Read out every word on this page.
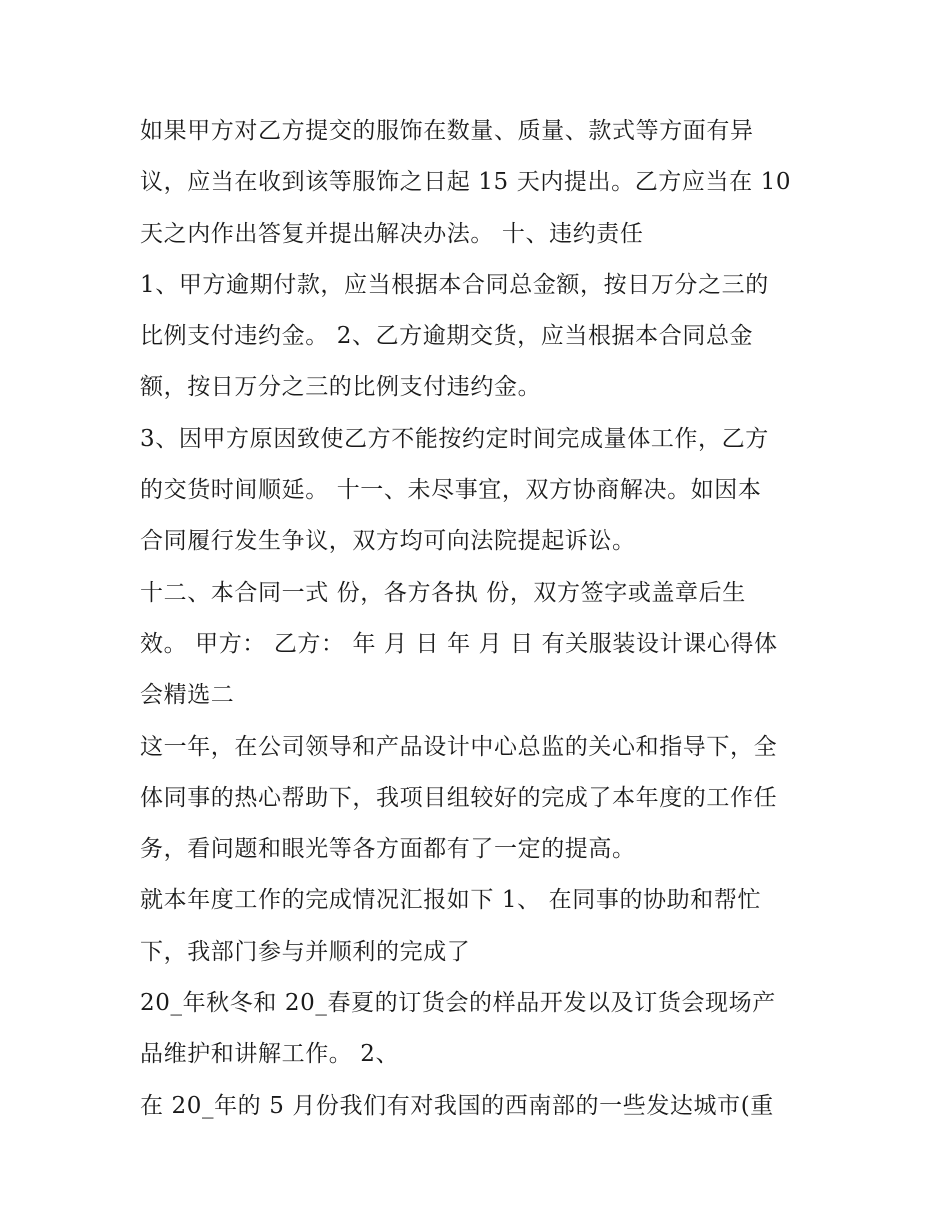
如果甲方对乙方提交的服饰在数量、质量、款式等方面有异
议，应当在收到该等服饰之日起 15 天内提出。乙方应当在 10
天之内作出答复并提出解决办法。 十、违约责任
1、甲方逾期付款，应当根据本合同总金额，按日万分之三的
比例支付违约金。 2、乙方逾期交货，应当根据本合同总金
额，按日万分之三的比例支付违约金。
3、因甲方原因致使乙方不能按约定时间完成量体工作，乙方
的交货时间顺延。 十一、未尽事宜，双方协商解决。如因本
合同履行发生争议，双方均可向法院提起诉讼。
十二、本合同一式 份，各方各执 份，双方签字或盖章后生
效。 甲方： 乙方： 年 月 日 年 月 日 有关服装设计课心得体
会精选二
这一年，在公司领导和产品设计中心总监的关心和指导下，全
体同事的热心帮助下，我项目组较好的完成了本年度的工作任
务，看问题和眼光等各方面都有了一定的提高。
就本年度工作的完成情况汇报如下 1、 在同事的协助和帮忙
下，我部门参与并顺利的完成了
20_年秋冬和 20_春夏的订货会的样品开发以及订货会现场产
品维护和讲解工作。 2、
在 20_年的 5 月份我们有对我国的西南部的一些发达城市(重
